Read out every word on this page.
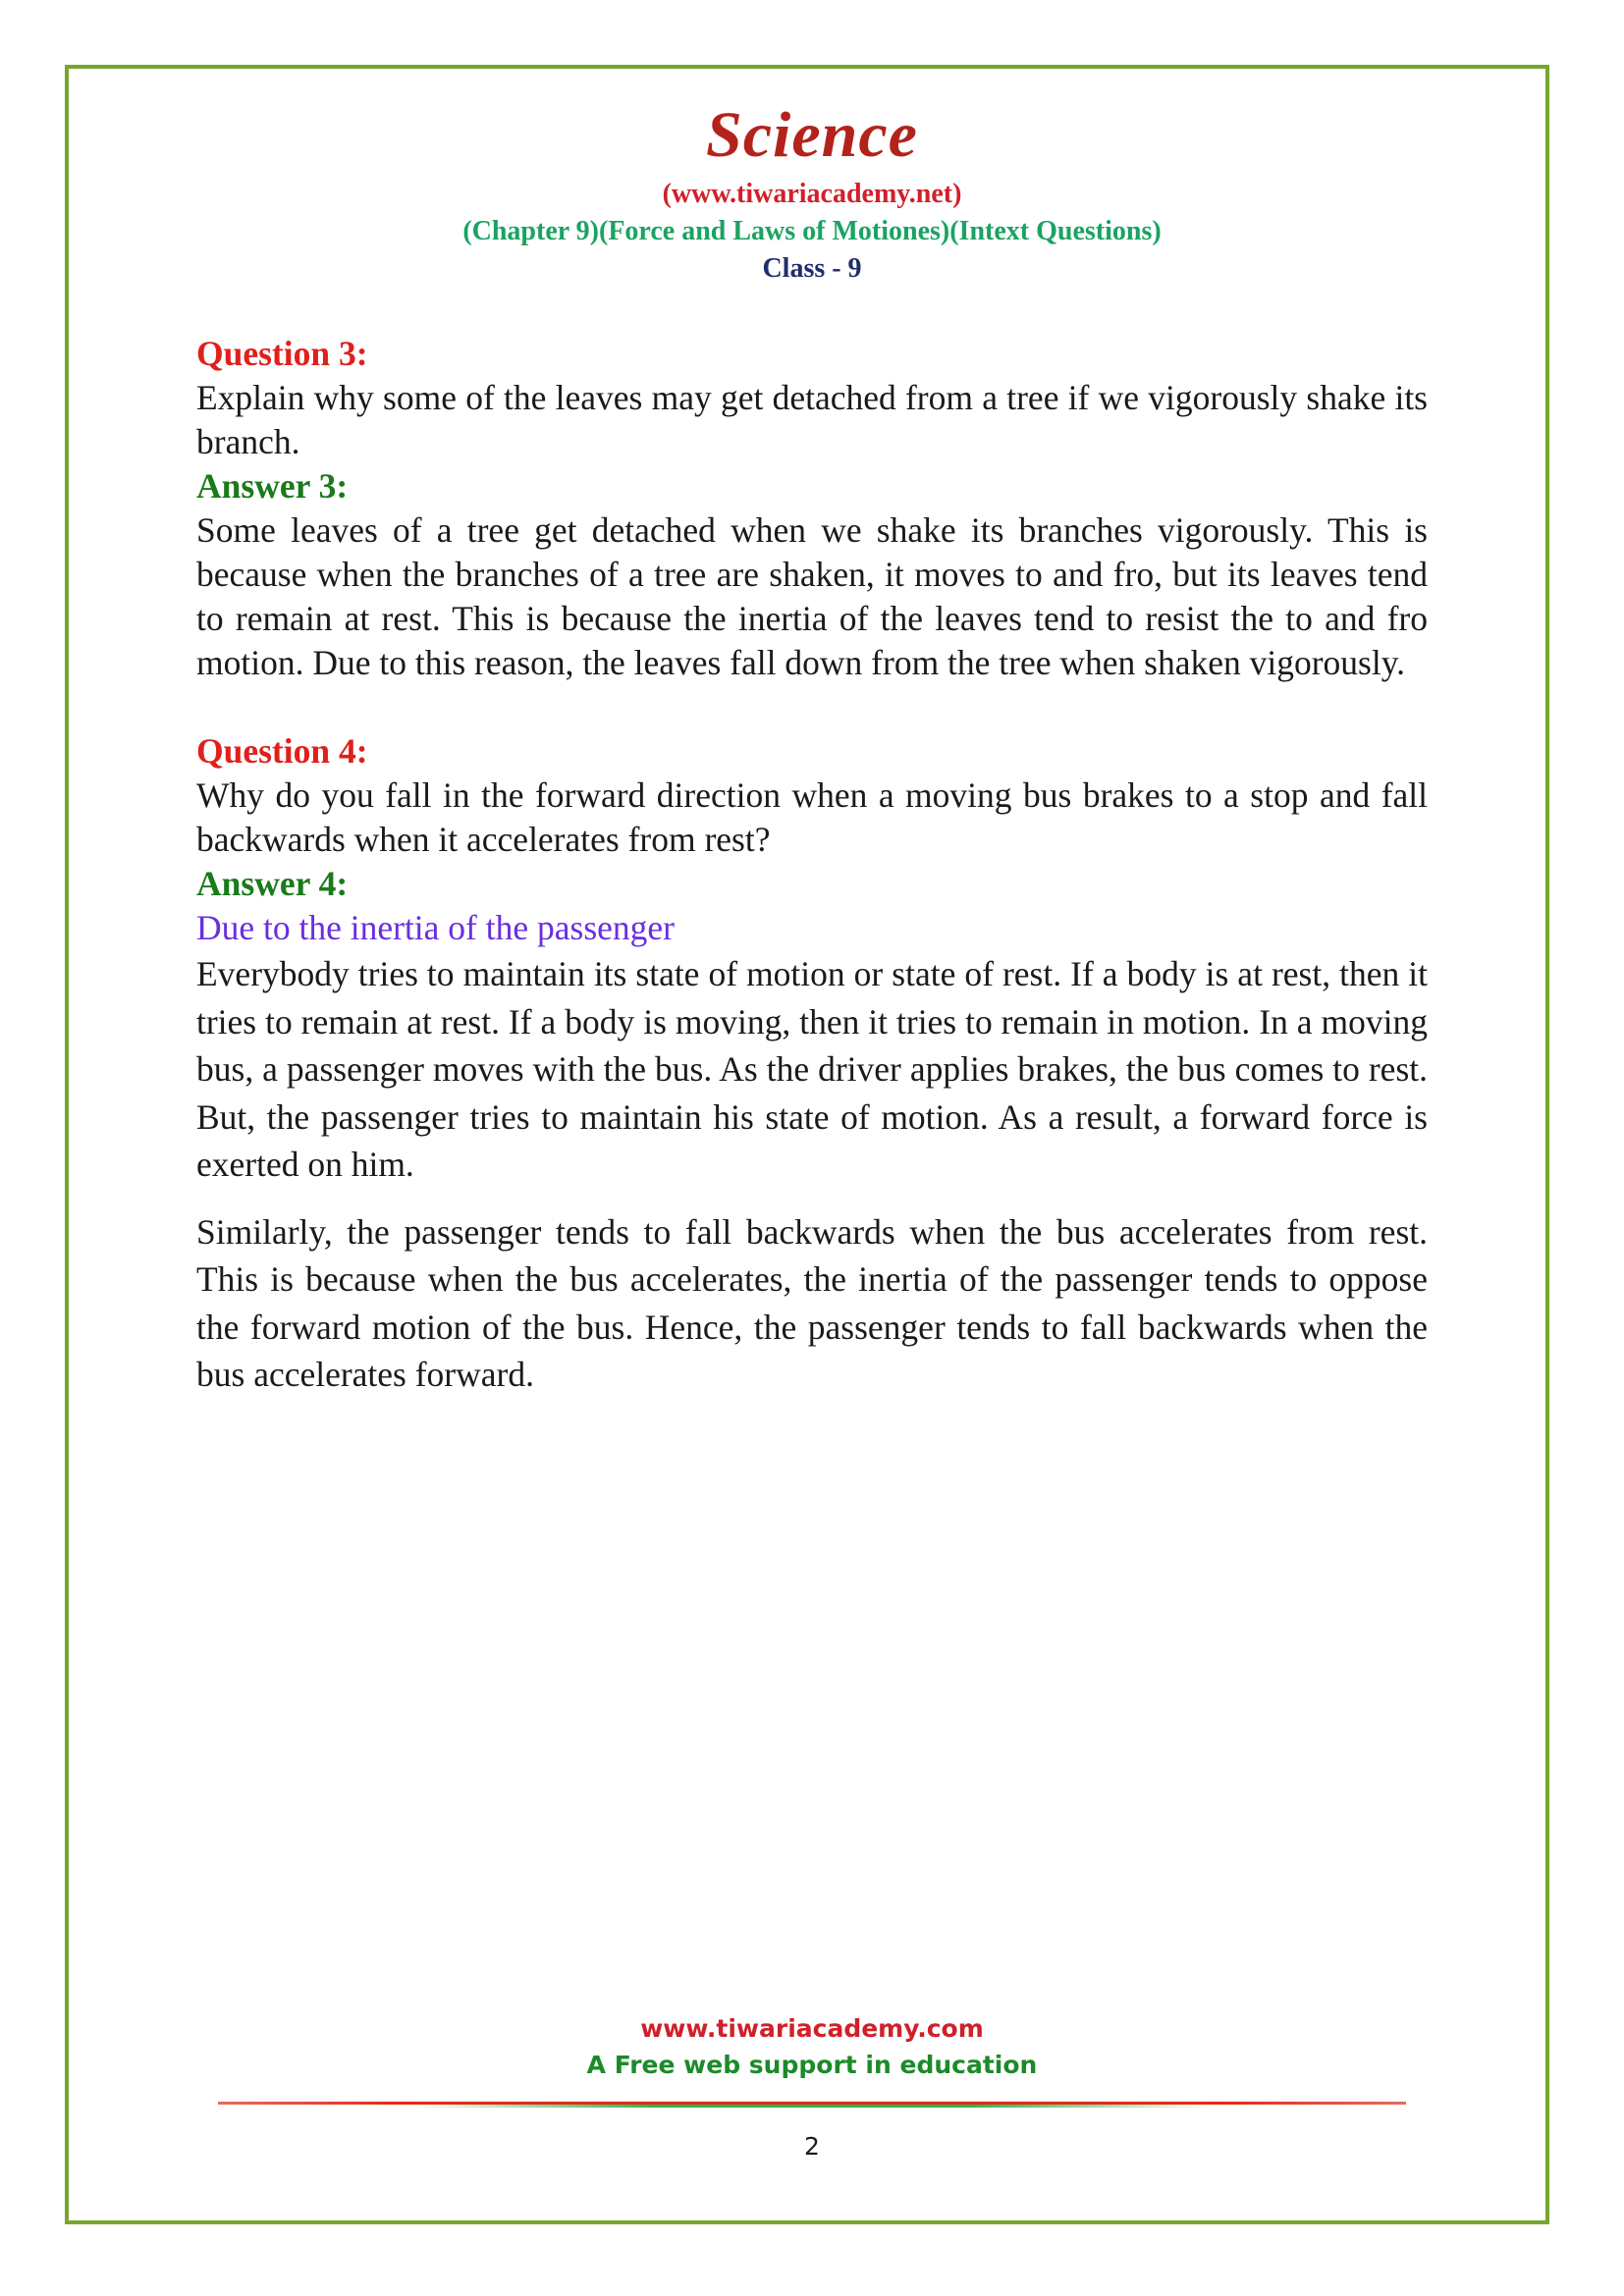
Science
(www.tiwariacademy.net)
(Chapter 9)(Force and Laws of Motiones)(Intext Questions)
Class - 9
Question 3:

Explain why some of the leaves may get detached from a tree if we vigorously shake its branch.

Answer 3:

Some leaves of a tree get detached when we shake its branches vigorously. This is because when the branches of a tree are shaken, it moves to and fro, but its leaves tend to remain at rest. This is because the inertia of the leaves tend to resist the to and fro motion. Due to this reason, the leaves fall down from the tree when shaken vigorously.

Question 4:

Why do you fall in the forward direction when a moving bus brakes to a stop and fall backwards when it accelerates from rest?

Answer 4:
Due to the inertia of the passenger

Everybody tries to maintain its state of motion or state of rest. If a body is at rest, then it tries to remain at rest. If a body is moving, then it tries to remain in motion. In a moving bus, a passenger moves with the bus. As the driver applies brakes, the bus comes to rest. But, the passenger tries to maintain his state of motion. As a result, a forward force is exerted on him.

Similarly, the passenger tends to fall backwards when the bus accelerates from rest. This is because when the bus accelerates, the inertia of the passenger tends to oppose the forward motion of the bus. Hence, the passenger tends to fall backwards when the bus accelerates forward.

www.tiwariacademy.com
A Free web support in education
2
